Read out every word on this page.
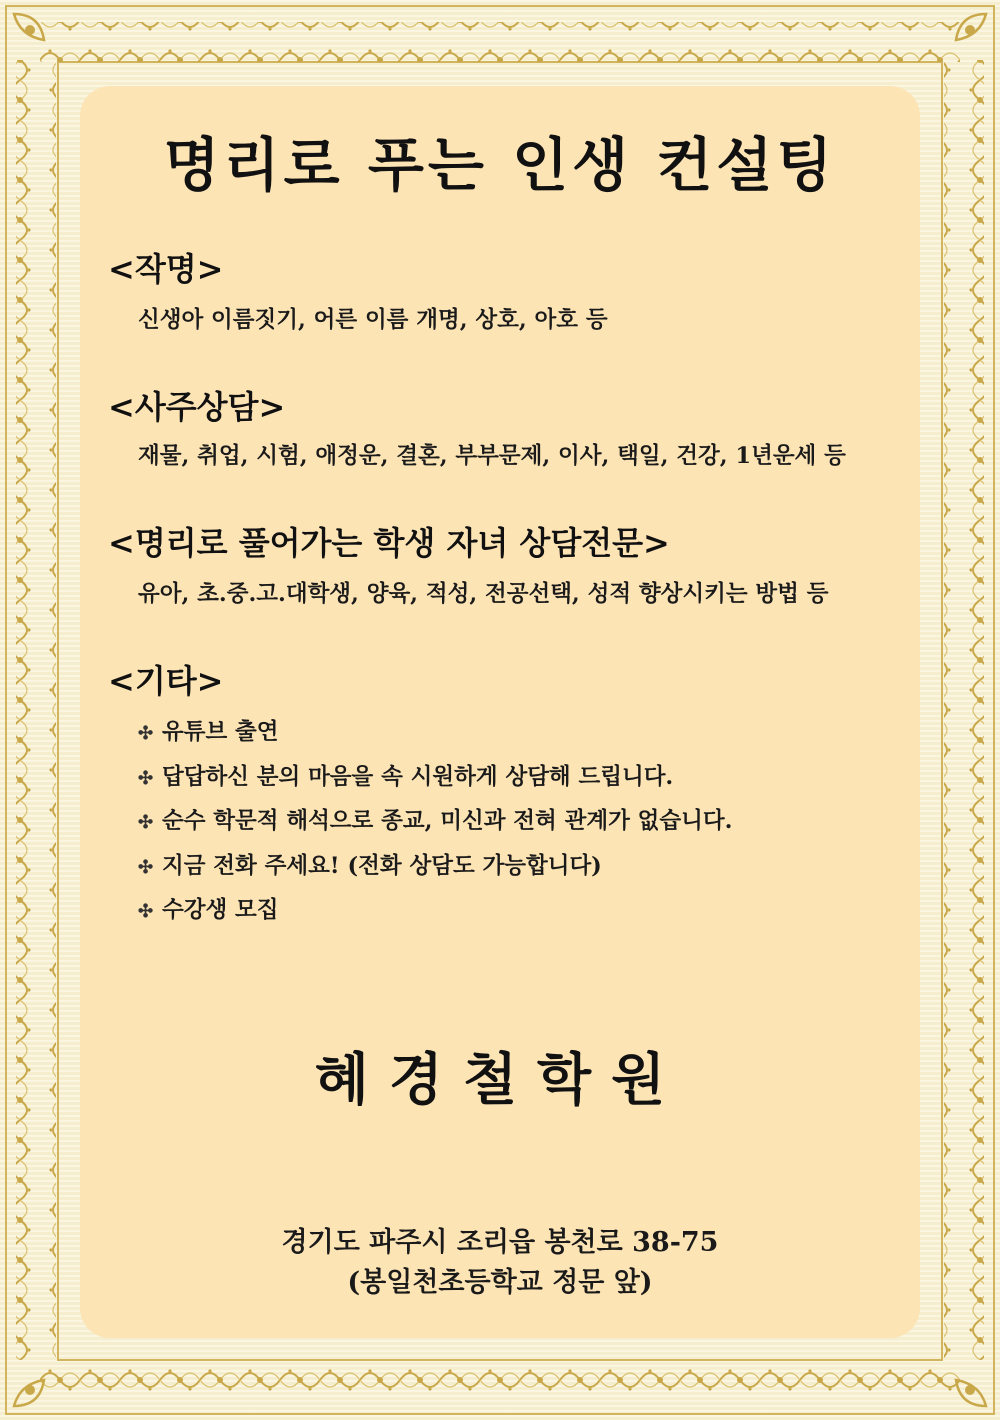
명리로 푸는 인생 컨설팅
<작명>
신생아 이름짓기, 어른 이름 개명, 상호, 아호 등
<사주상담>
재물, 취업, 시험, 애정운, 결혼, 부부문제, 이사, 택일, 건강, 1년운세 등
<명리로 풀어가는 학생 자녀 상담전문>
유아, 초.중.고.대학생, 양육, 적성, 전공선택, 성적 향상시키는 방법 등
<기타>
✣ 유튜브 출연
✣ 답답하신 분의 마음을 속 시원하게 상담해 드립니다.
✣ 순수 학문적 해석으로 종교, 미신과 전혀 관계가 없습니다.
✣ 지금 전화 주세요! (전화 상담도 가능합니다)
✣ 수강생 모집
혜경철학원
경기도 파주시 조리읍 봉천로 38-75
(봉일천초등학교 정문 앞)
